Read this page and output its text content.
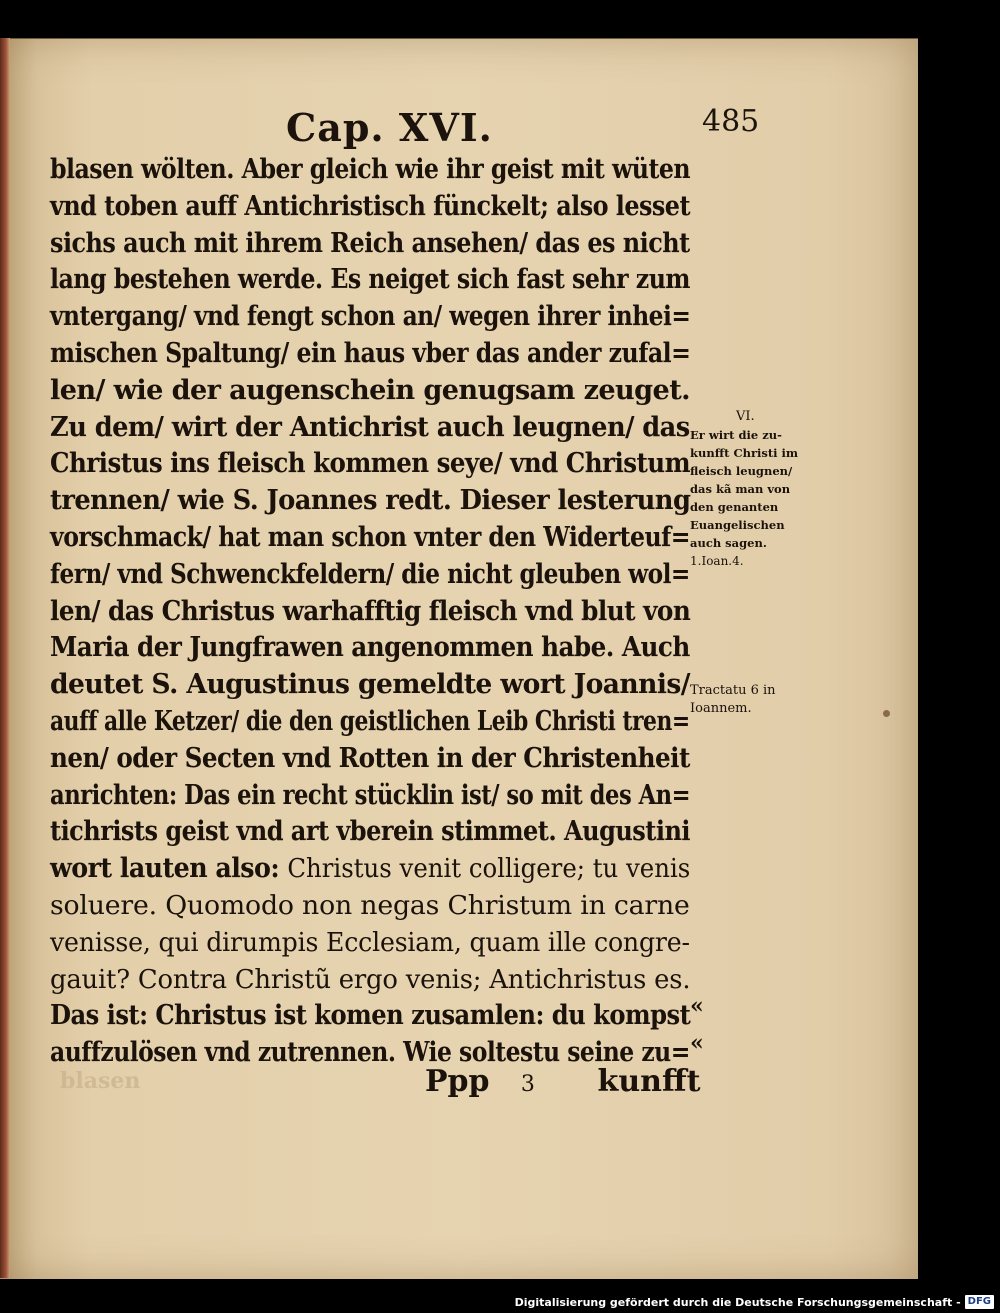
Cap. XVI.	485
blasen wölten. Aber gleich wie ihr geist mit wüten
vnd toben auff Antichristisch fünckelt; also lesset
sichs auch mit ihrem Reich ansehen/ das es nicht
lang bestehen werde. Es neiget sich fast sehr zum
vntergang/ vnd fengt schon an/ wegen ihrer inhei=
mischen Spaltung/ ein haus vber das ander zufal=
len/ wie der augenschein genugsam zeuget.
Zu dem/ wirt der Antichrist auch leugnen/ das
Christus ins fleisch kommen seye/ vnd Christum
trennen/ wie S. Joannes redt. Dieser lesterung
vorschmack/ hat man schon vnter den Widerteuf=
fern/ vnd Schwenckfeldern/ die nicht gleuben wol=
len/ das Christus warhafftig fleisch vnd blut von
Maria der Jungfrawen angenommen habe. Auch
deutet S. Augustinus gemeldte wort Joannis/
auff alle Ketzer/ die den geistlichen Leib Christi tren=
nen/ oder Secten vnd Rotten in der Christenheit
anrichten: Das ein recht stücklin ist/ so mit des An=
tichrists geist vnd art vberein stimmet. Augustini
wort lauten also: Christus venit colligere; tu venis
soluere. Quomodo non negas Christum in carne
venisse, qui dirumpis Ecclesiam, quam ille congre-
gauit? Contra Christũ ergo venis; Antichristus es.
Das ist: Christus ist komen zusamlen: du kompst
auffzulösen vnd zutrennen. Wie soltestu seine zu=
VI.
Er wirt die zu-
kunfft Christi im
fleisch leugnen/
das kã man von
den genanten
Euangelischen
auch sagen.
1.Ioan.4.
Tractatu 6 in
Ioannem.
«
«
blasen	Ppp 3 kunfft
Digitalisierung gefördert durch die Deutsche Forschungsgemeinschaft - DFG
